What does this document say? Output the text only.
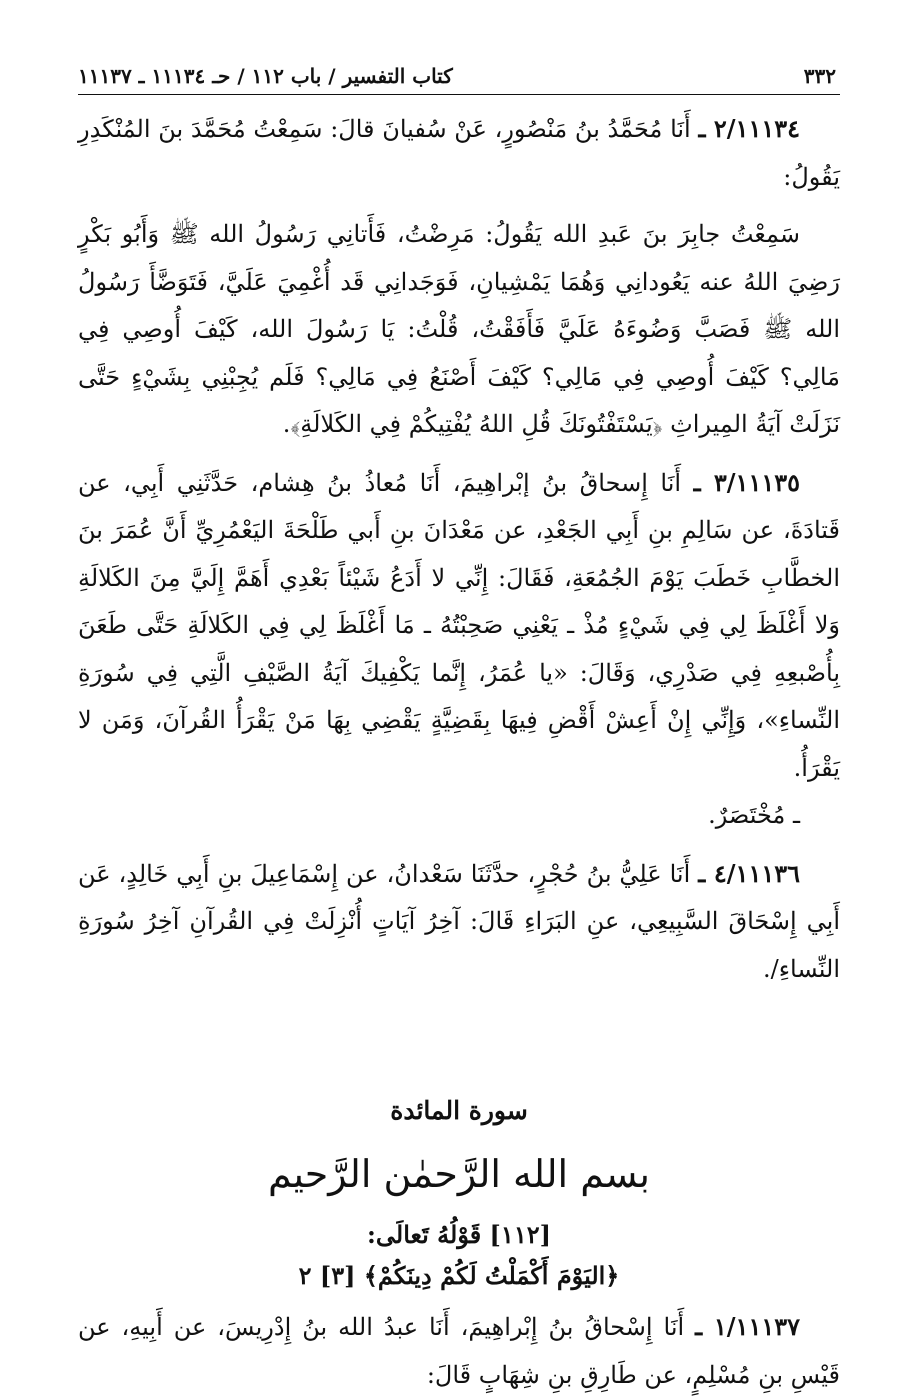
٣٣٢
كتاب التفسير / باب ١١٢ / حـ ١١١٣٤ ـ ١١١٣٧

٢/١١١٣٤ ـ أَنَا مُحَمَّدُ بنُ مَنْصُورٍ، عَنْ سُفيانَ قالَ: سَمِعْتُ مُحَمَّدَ بنَ المُنْكَدِرِ يَقُولُ:

سَمِعْتُ جابِرَ بنَ عَبدِ الله يَقُولُ: مَرِضْتُ، فَأَتانِي رَسُولُ الله ﷺ وَأَبُو بَكْرٍ رَضِيَ اللهُ عنه يَعُودانِي وَهُمَا يَمْشِيانِ، فَوَجَدانِي قَد أُغْمِيَ عَلَيَّ، فَتَوَضَّأَ رَسُولُ الله ﷺ فَصَبَّ وَضُوءَهُ عَلَيَّ فَأَفَقْتُ، قُلْتُ: يَا رَسُولَ الله، كَيْفَ أُوصِي فِي مَالِي؟ كَيْفَ أُوصِي فِي مَالِي؟ كَيْفَ أَصْنَعُ فِي مَالِي؟ فَلَم يُجِبْنِي بِشَيْءٍ حَتَّى نَزَلَتْ آيَةُ المِيراثِ ﴿يَسْتَفْتُونَكَ قُلِ اللهُ يُفْتِيكُمْ فِي الكَلالَةِ﴾.

٣/١١١٣٥ ـ أَنَا إِسحاقُ بنُ إبْراهِيمَ، أَنَا مُعاذُ بنُ هِشام، حَدَّثَنِي أَبِي، عن قَتادَةَ، عن سَالِمِ بنِ أَبِي الجَعْدِ، عن مَعْدَانَ بنِ أَبي طَلْحَةَ اليَعْمُرِيِّ أَنَّ عُمَرَ بنَ الخطَّابِ خَطَبَ يَوْمَ الجُمُعَةِ، فَقَالَ: إِنِّي لا أَدَعُ شَيْئاً بَعْدِي أَهَمَّ إِلَيَّ مِنَ الكَلالَةِ وَلا أَغْلَظَ لِي فِي شَيْءٍ مُذْ ـ يَعْنِي صَحِبْتُهُ ـ مَا أَغْلَظَ لِي فِي الكَلالَةِ حَتَّى طَعَنَ بِأُصْبعِهِ فِي صَدْرِي، وَقَالَ: «يا عُمَرُ، إِنَّما يَكْفِيكَ آيَةُ الصَّيْفِ الَّتِي فِي سُورَةِ النِّساءِ»، وَإِنِّي إِنْ أَعِشْ أَقْضِ فِيهَا بِقَضِيَّةٍ يَقْضِي بِهَا مَنْ يَقْرَأُ القُرآنَ، وَمَن لا يَقْرَأُ.

ـ مُخْتَصَرٌ.

٤/١١١٣٦ ـ أَنَا عَلِيُّ بنُ حُجْرٍ، حدَّثَنَا سَعْدانُ، عن إِسْمَاعِيلَ بنِ أَبِي خَالِدٍ، عَن أَبِي إِسْحَاقَ السَّبِيعِي، عنِ البَرَاءِ قَالَ: آخِرُ آيَاتٍ أُنْزِلَتْ فِي القُرآنِ آخِرُ سُورَةِ النِّساءِ/.

سورة المائدة

بسم الله الرَّحمٰن الرَّحيم

[١١٢] قَوْلُهُ تَعالَى:

﴿اليَوْمَ أَكْمَلْتُ لَكُمْ دِينَكُمْ﴾ [٣] ٢

١/١١١٣٧ ـ أَنَا إِسْحاقُ بنُ إِبْراهِيمَ، أَنَا عبدُ الله بنُ إِدْرِيسَ، عن أَبِيهِ، عن قَيْسِ بنِ مُسْلِمٍ، عن طَارِقِ بنِ شِهَابٍ قَالَ:
